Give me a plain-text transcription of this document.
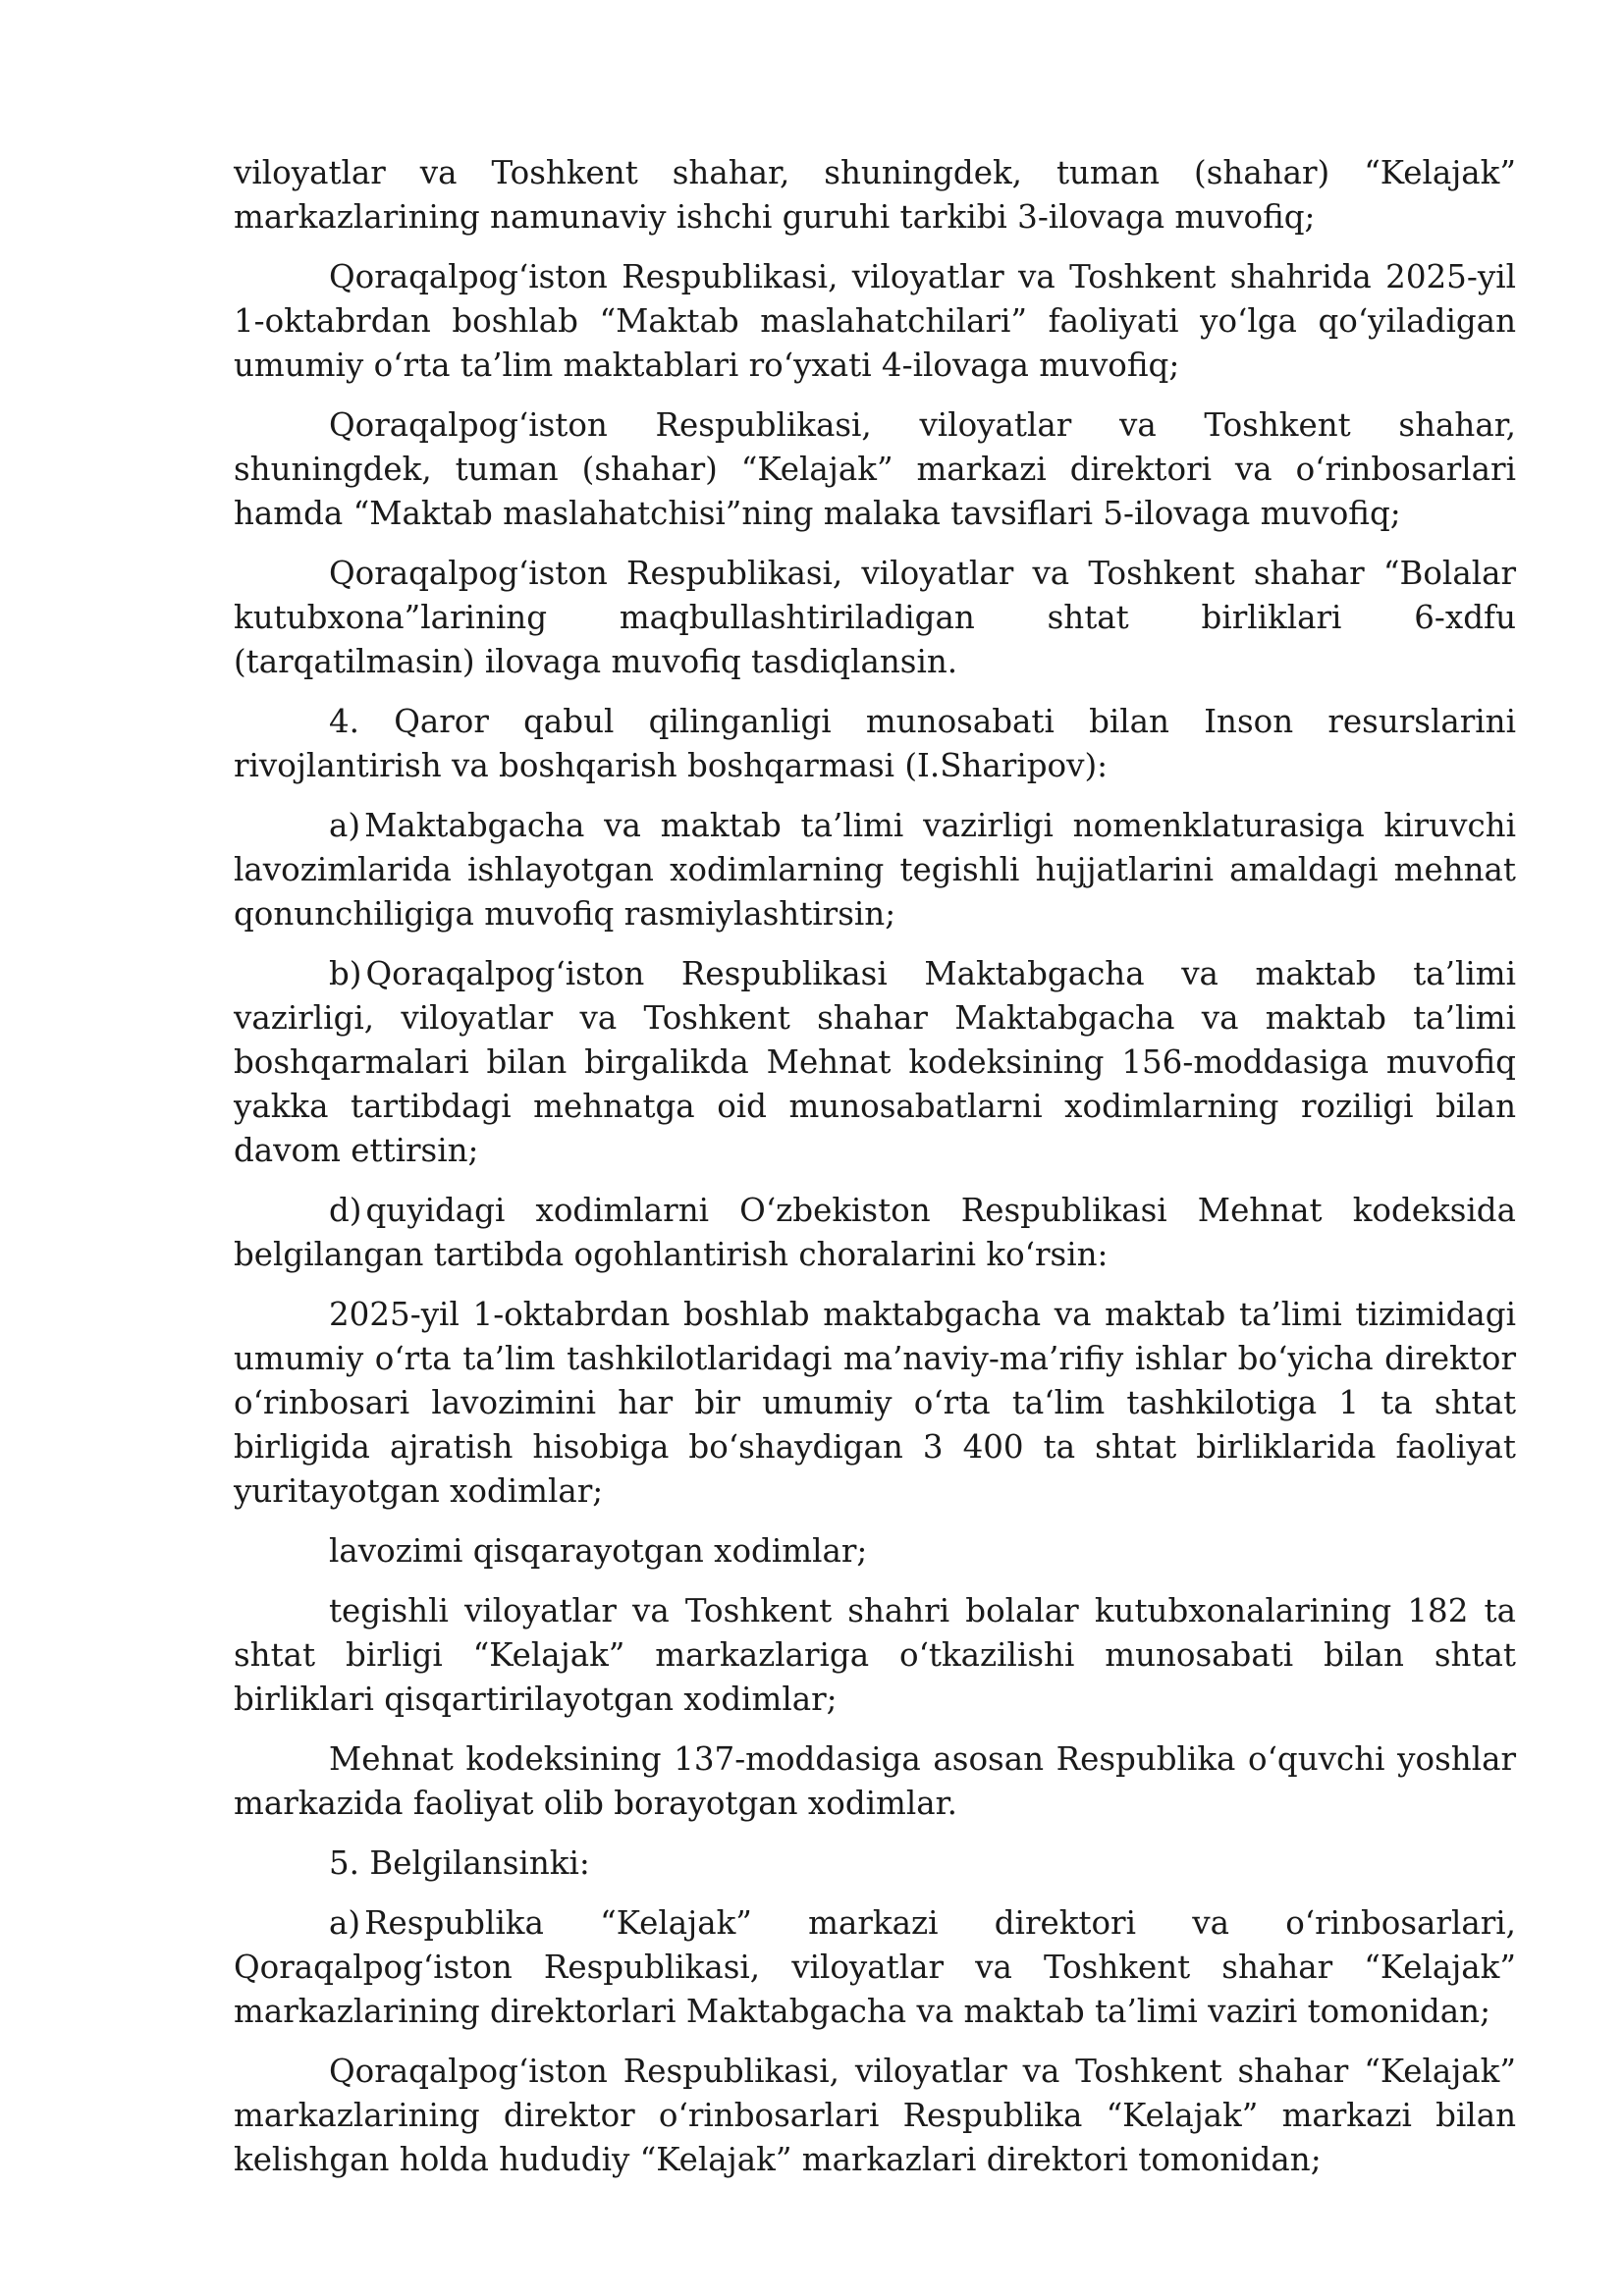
viloyatlar va Toshkent shahar, shuningdek, tuman (shahar) “Kelajak” markazlarining namunaviy ishchi guruhi tarkibi 3-ilovaga muvofiq;

Qoraqalpog‘iston Respublikasi, viloyatlar va Toshkent shahrida 2025-yil 1-oktabrdan boshlab “Maktab maslahatchilari” faoliyati yo‘lga qo‘yiladigan umumiy o‘rta ta’lim maktablari ro‘yxati 4-ilovaga muvofiq;

Qoraqalpog‘iston Respublikasi, viloyatlar va Toshkent shahar, shuningdek, tuman (shahar) “Kelajak” markazi direktori va o‘rinbosarlari hamda “Maktab maslahatchisi”ning malaka tavsiflari 5-ilovaga muvofiq;

Qoraqalpog‘iston Respublikasi, viloyatlar va Toshkent shahar “Bolalar kutubxona”larining maqbullashtiriladigan shtat birliklari 6-xdfu (tarqatilmasin) ilovaga muvofiq tasdiqlansin.

4. Qaror qabul qilinganligi munosabati bilan Inson resurslarini rivojlantirish va boshqarish boshqarmasi (I.Sharipov):

a) Maktabgacha va maktab ta’limi vazirligi nomenklaturasiga kiruvchi lavozimlarida ishlayotgan xodimlarning tegishli hujjatlarini amaldagi mehnat qonunchiligiga muvofiq rasmiylashtirsin;

b) Qoraqalpog‘iston Respublikasi Maktabgacha va maktab ta’limi vazirligi, viloyatlar va Toshkent shahar Maktabgacha va maktab ta’limi boshqarmalari bilan birgalikda Mehnat kodeksining 156-moddasiga muvofiq yakka tartibdagi mehnatga oid munosabatlarni xodimlarning roziligi bilan davom ettirsin;

d) quyidagi xodimlarni O‘zbekiston Respublikasi Mehnat kodeksida belgilangan tartibda ogohlantirish choralarini ko‘rsin:

2025-yil 1-oktabrdan boshlab maktabgacha va maktab ta’limi tizimidagi umumiy o‘rta ta’lim tashkilotlaridagi ma’naviy-ma’rifiy ishlar bo‘yicha direktor o‘rinbosari lavozimini har bir umumiy o‘rta ta‘lim tashkilotiga 1 ta shtat birligida ajratish hisobiga bo‘shaydigan 3 400 ta shtat birliklarida faoliyat yuritayotgan xodimlar;

lavozimi qisqarayotgan xodimlar;

tegishli viloyatlar va Toshkent shahri bolalar kutubxonalarining 182 ta shtat birligi “Kelajak” markazlariga o‘tkazilishi munosabati bilan shtat birliklari qisqartirilayotgan xodimlar;

Mehnat kodeksining 137-moddasiga asosan Respublika o‘quvchi yoshlar markazida faoliyat olib borayotgan xodimlar.

5. Belgilansinki:

a) Respublika “Kelajak” markazi direktori va o‘rinbosarlari, Qoraqalpog‘iston Respublikasi, viloyatlar va Toshkent shahar “Kelajak” markazlarining direktorlari Maktabgacha va maktab ta’limi vaziri tomonidan;

Qoraqalpog‘iston Respublikasi, viloyatlar va Toshkent shahar “Kelajak” markazlarining direktor o‘rinbosarlari Respublika “Kelajak” markazi bilan kelishgan holda hududiy “Kelajak” markazlari direktori tomonidan;
